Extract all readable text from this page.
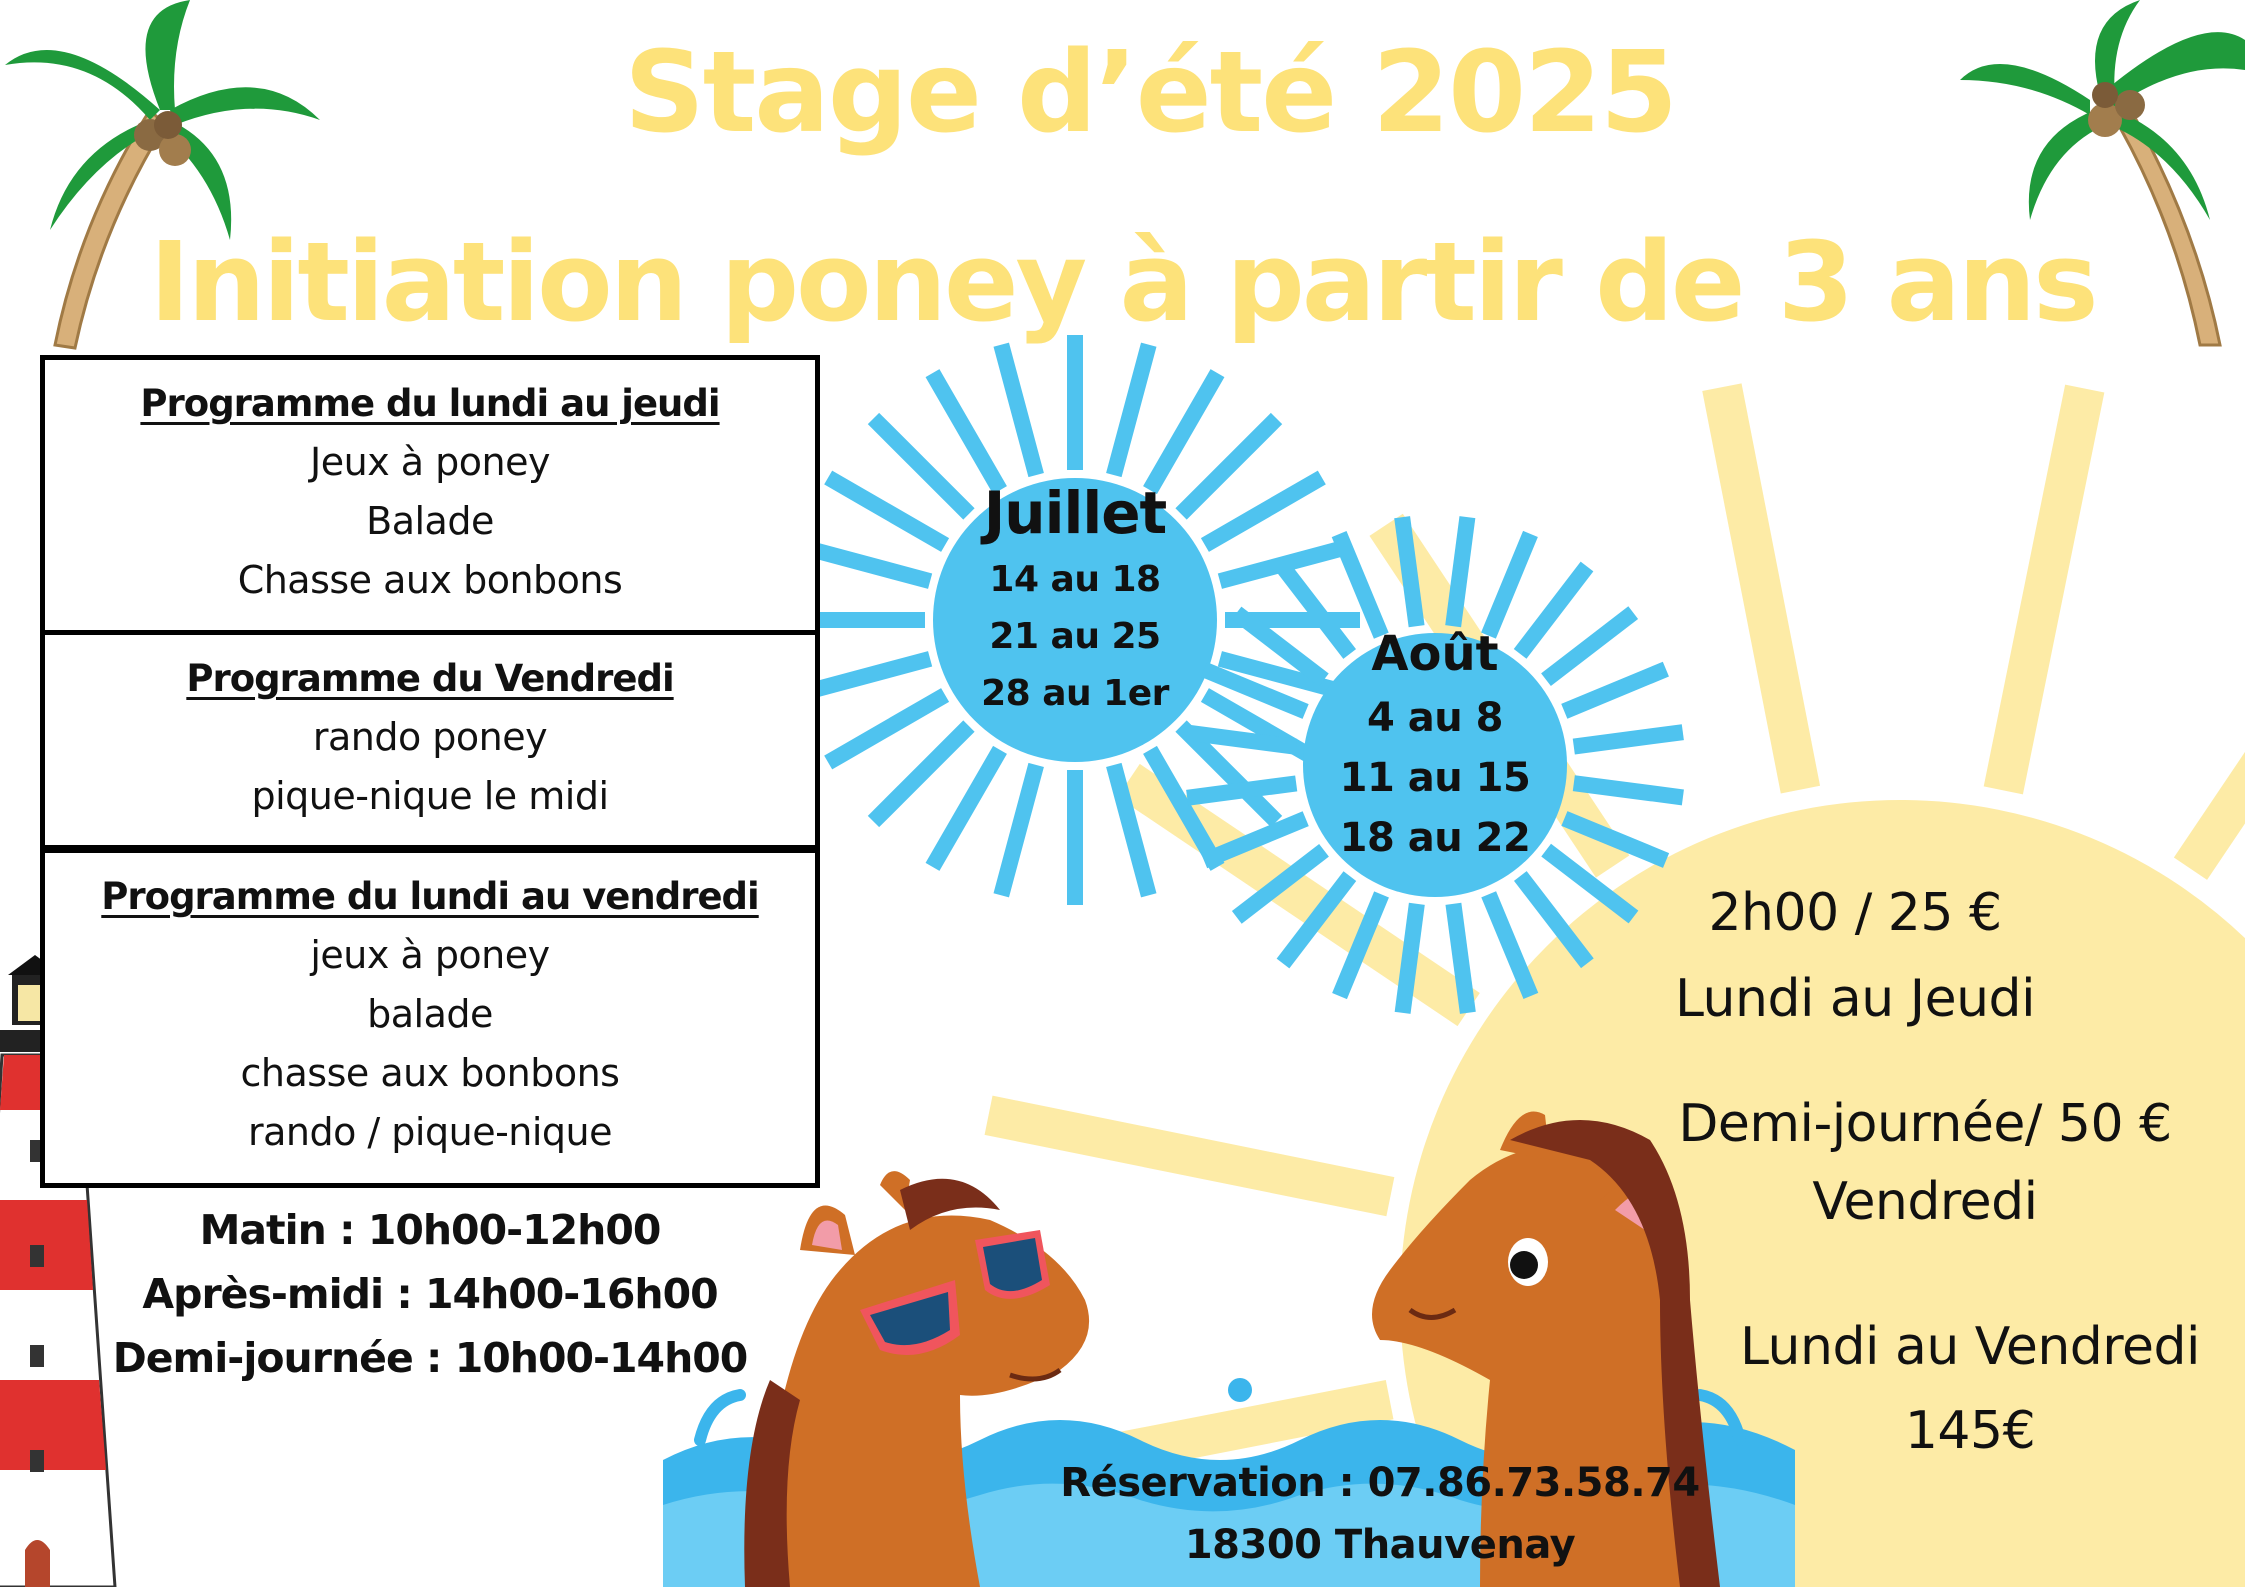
Stage d’été 2025
Initiation poney à partir de 3 ans
Programme du lundi au jeudi
Jeux à poney
Balade
Chasse aux bonbons
Programme du Vendredi
rando poney
pique-nique le midi
Programme du lundi au vendredi
jeux à poney
balade
chasse aux bonbons
rando / pique-nique
Matin : 10h00-12h00
Après-midi : 14h00-16h00
Demi-journée : 10h00-14h00
Juillet
14 au 18
21 au 25
28 au 1er
Août
4 au 8
11 au 15
18 au 22
2h00 / 25 €
Lundi au Jeudi
Demi-journée/ 50 €
Vendredi
Lundi au Vendredi
145€
Réservation : 07.86.73.58.74
18300 Thauvenay
